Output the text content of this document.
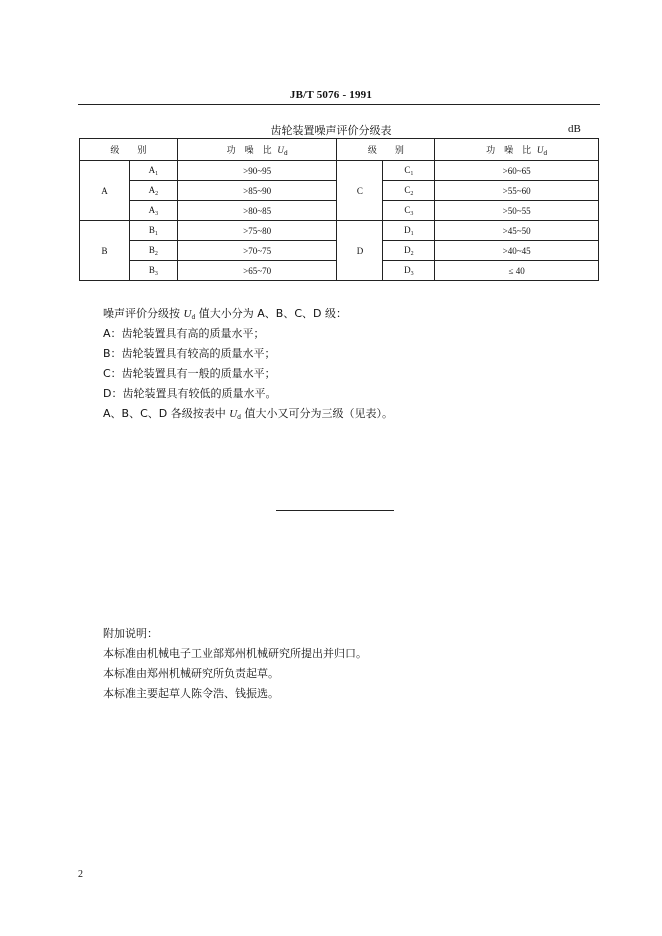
JB/T 5076 - 1991
齿轮装置噪声评价分级表	dB
级　　别		功　噪　比 $U_d$	级　　别		功　噪　比 $U_d$
A	$A_1$	>90~95	C	$C_1$	>60~65
	$A_2$	>85~90		$C_2$	>55~60
	$A_3$	>80~85		$C_3$	>50~55
B	$B_1$	>75~80	D	$D_1$	>45~50
	$B_2$	>70~75		$D_2$	>40~45
	$B_3$	>65~70		$D_3$	≤ 40
噪声评价分级按 $U_d$ 值大小分为 A、B、C、D 级：
A：齿轮装置具有高的质量水平；
B：齿轮装置具有较高的质量水平；
C：齿轮装置具有一般的质量水平；
D：齿轮装置具有较低的质量水平。
A、B、C、D 各级按表中 $U_d$ 值大小又可分为三级（见表）。
附加说明：
本标准由机械电子工业部郑州机械研究所提出并归口。
本标准由郑州机械研究所负责起草。
本标准主要起草人陈令浩、钱振选。
2
